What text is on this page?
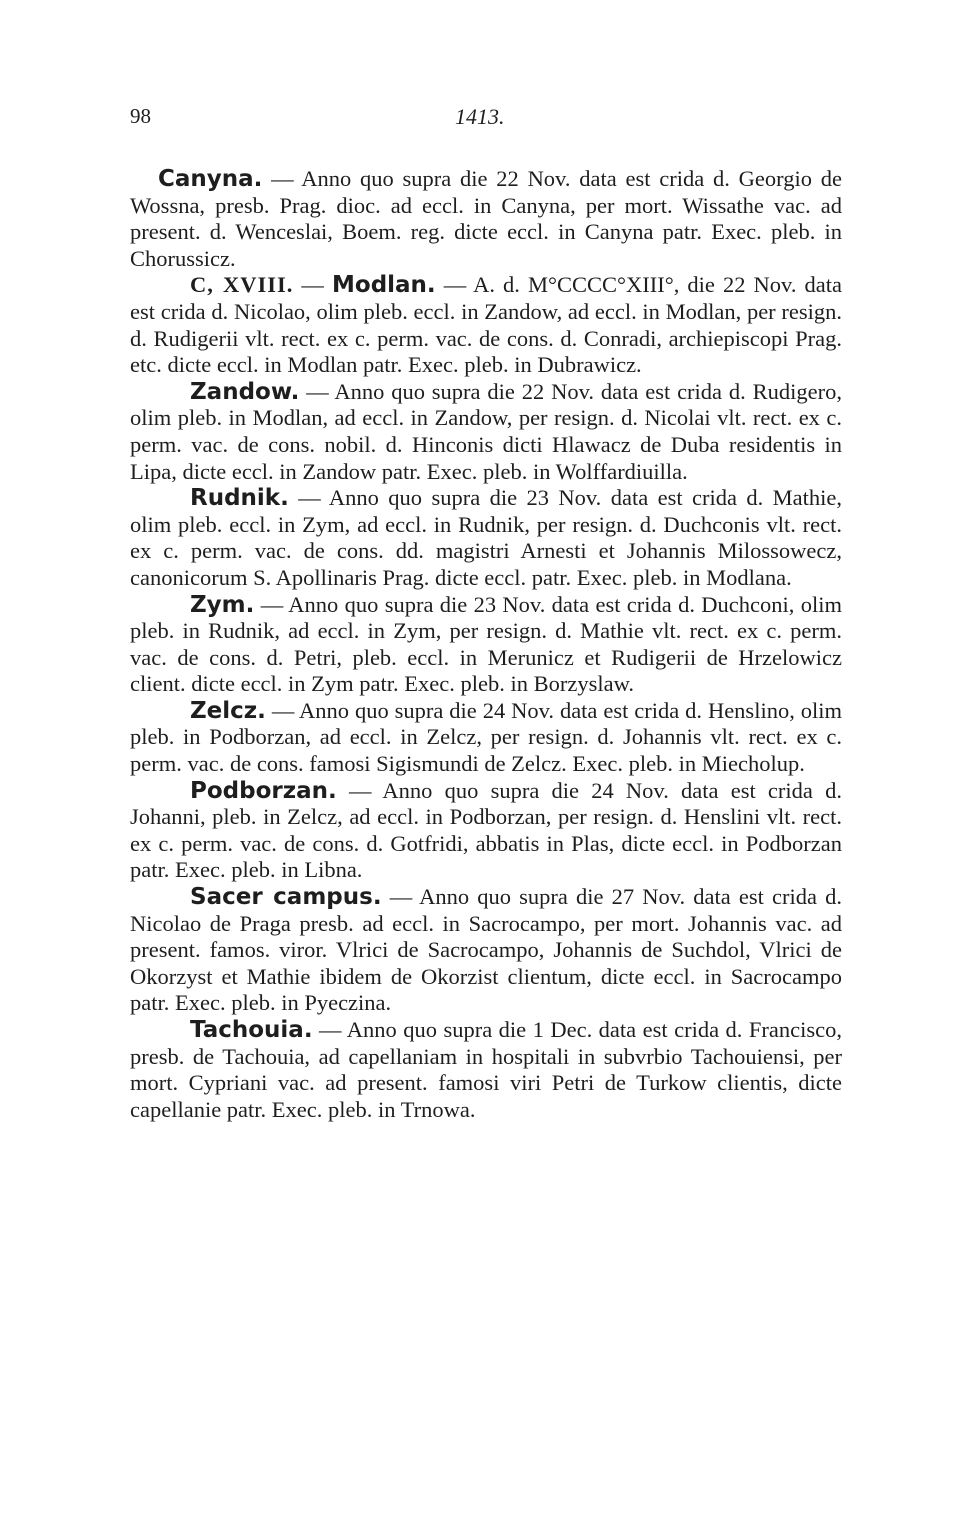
98	1413.

Canyna. — Anno quo supra die 22 Nov. data est crida d. Georgio de Wossna, presb. Prag. dioc. ad eccl. in Canyna, per mort. Wissathe vac. ad present. d. Wenceslai, Boem. reg. dicte eccl. in Canyna patr. Exec. pleb. in Chorussicz.

C, XVIII. — Modlan. — A. d. M°CCCC°XIII°, die 22 Nov. data est crida d. Nicolao, olim pleb. eccl. in Zandow, ad eccl. in Modlan, per resign. d. Rudigerii vlt. rect. ex c. perm. vac. de cons. d. Conradi, archiepiscopi Prag. etc. dicte eccl. in Modlan patr. Exec. pleb. in Dubrawicz.

Zandow. — Anno quo supra die 22 Nov. data est crida d. Rudigero, olim pleb. in Modlan, ad eccl. in Zandow, per resign. d. Nicolai vlt. rect. ex c. perm. vac. de cons. nobil. d. Hinconis dicti Hlawacz de Duba residentis in Lipa, dicte eccl. in Zandow patr. Exec. pleb. in Wolffardiuilla.

Rudnik. — Anno quo supra die 23 Nov. data est crida d. Mathie, olim pleb. eccl. in Zym, ad eccl. in Rudnik, per resign. d. Duchconis vlt. rect. ex c. perm. vac. de cons. dd. magistri Arnesti et Johannis Milossowecz, canonicorum S. Apollinaris Prag. dicte eccl. patr. Exec. pleb. in Modlana.

Zym. — Anno quo supra die 23 Nov. data est crida d. Duchconi, olim pleb. in Rudnik, ad eccl. in Zym, per resign. d. Mathie vlt. rect. ex c. perm. vac. de cons. d. Petri, pleb. eccl. in Merunicz et Rudigerii de Hrzelowicz client. dicte eccl. in Zym patr. Exec. pleb. in Borzyslaw.

Zelcz. — Anno quo supra die 24 Nov. data est crida d. Henslino, olim pleb. in Podborzan, ad eccl. in Zelcz, per resign. d. Johannis vlt. rect. ex c. perm. vac. de cons. famosi Sigismundi de Zelcz. Exec. pleb. in Miecholup.

Podborzan. — Anno quo supra die 24 Nov. data est crida d. Johanni, pleb. in Zelcz, ad eccl. in Podborzan, per resign. d. Henslini vlt. rect. ex c. perm. vac. de cons. d. Gotfridi, abbatis in Plas, dicte eccl. in Podborzan patr. Exec. pleb. in Libna.

Sacer campus. — Anno quo supra die 27 Nov. data est crida d. Nicolao de Praga presb. ad eccl. in Sacrocampo, per mort. Johannis vac. ad present. famos. viror. Vlrici de Sacrocampo, Johannis de Suchdol, Vlrici de Okorzyst et Mathie ibidem de Okorzist clientum, dicte eccl. in Sacrocampo patr. Exec. pleb. in Pyeczina.

Tachouia. — Anno quo supra die 1 Dec. data est crida d. Francisco, presb. de Tachouia, ad capellaniam in hospitali in subvrbio Tachouiensi, per mort. Cypriani vac. ad present. famosi viri Petri de Turkow clientis, dicte capellanie patr. Exec. pleb. in Trnowa.
